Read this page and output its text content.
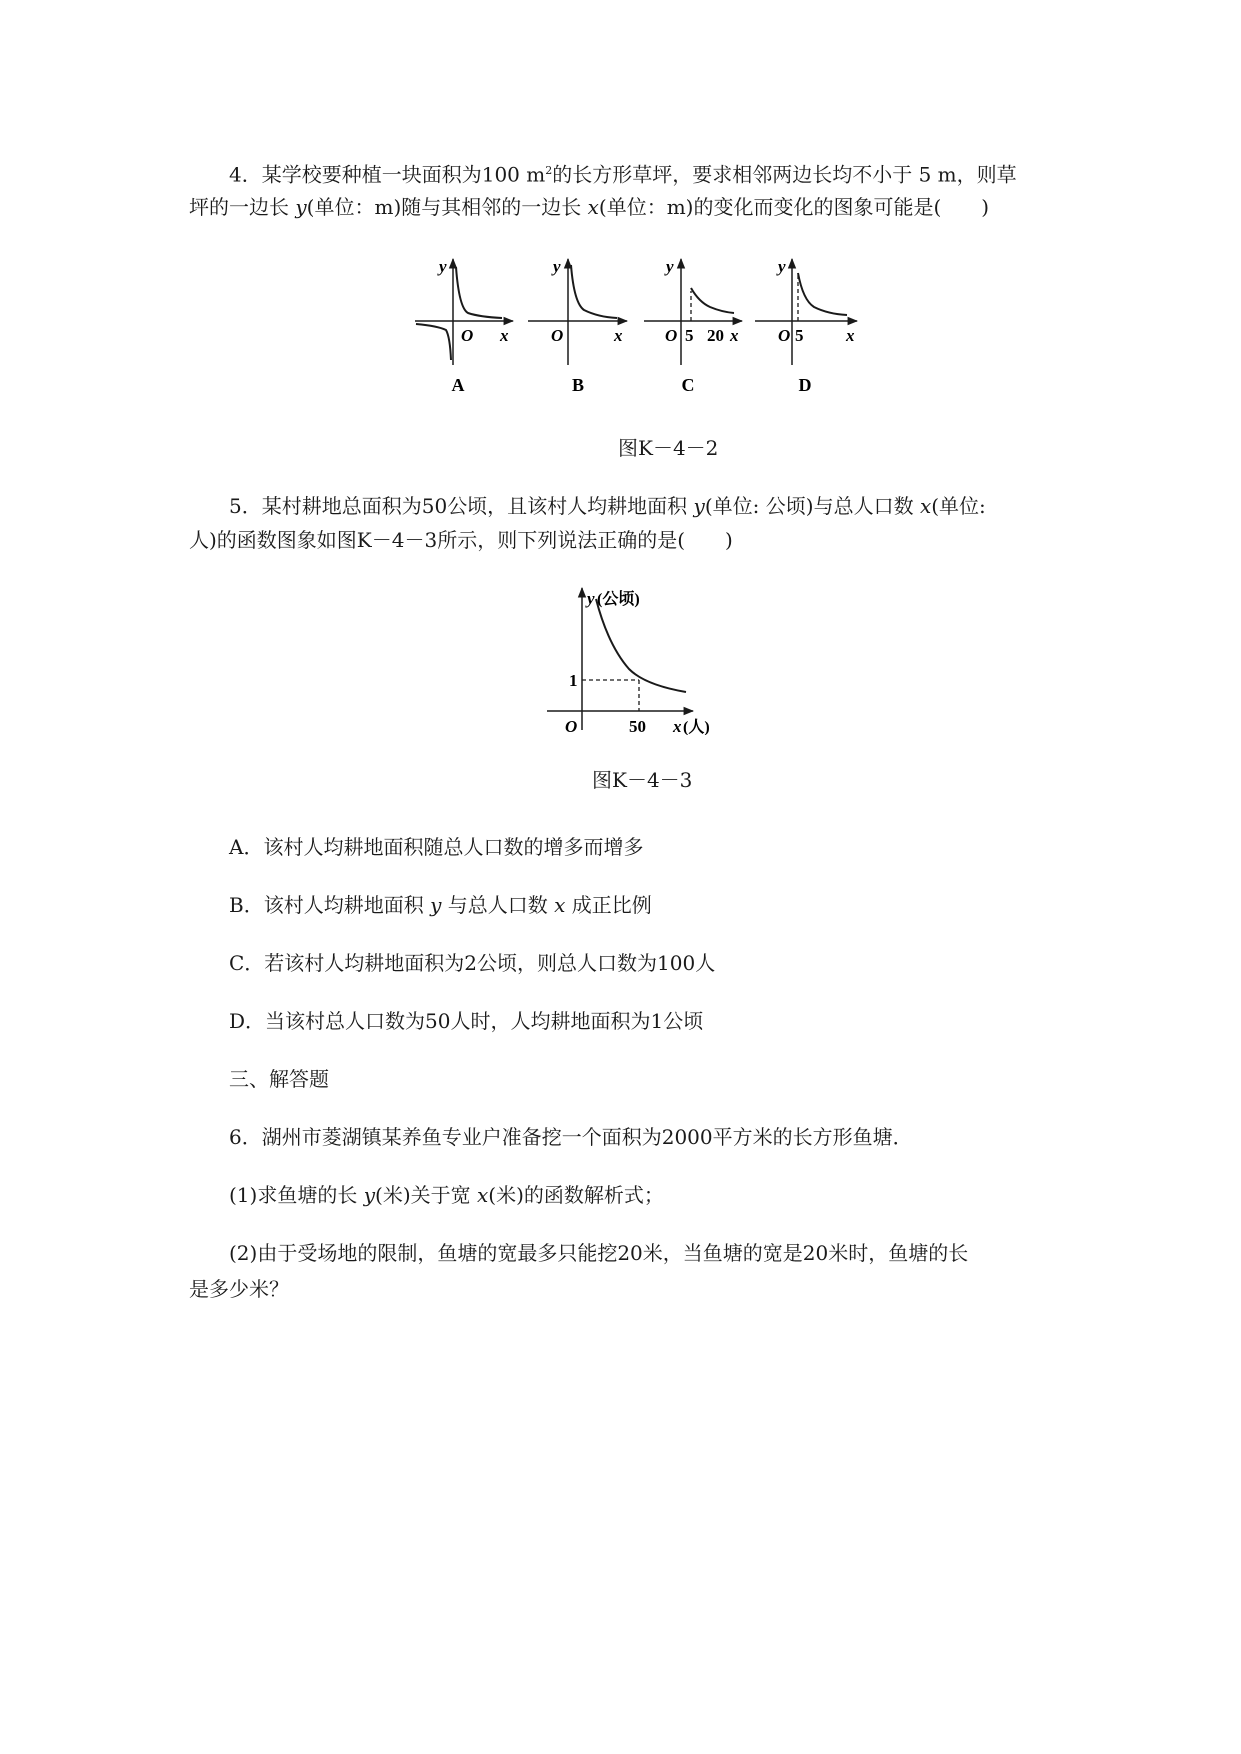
4．某学校要种植一块面积为100 $m^2$的长方形草坪，要求相邻两边长均不小于 5 m，则草
坪的一边长 y(单位：m)随与其相邻的一边长 x(单位：m)的变化而变化的图象可能是(　　)
y
O x
A
y
O	x
B
y
O 5 20 x
C
y
O 5	x
D
图K－4－2
5．某村耕地总面积为50公顷，且该村人均耕地面积 y(单位: 公顷)与总人口数 x(单位:
人)的函数图象如图K－4－3所示，则下列说法正确的是(　　)
y (公顷)
1
O	50 x (人)
图K－4－3
A．该村人均耕地面积随总人口数的增多而增多
B．该村人均耕地面积 y 与总人口数 x 成正比例
C．若该村人均耕地面积为2公顷，则总人口数为100人
D．当该村总人口数为50人时，人均耕地面积为1公顷
三、解答题
6．湖州市菱湖镇某养鱼专业户准备挖一个面积为2000平方米的长方形鱼塘．
(1)求鱼塘的长 y(米)关于宽 x(米)的函数解析式；
(2)由于受场地的限制，鱼塘的宽最多只能挖20米，当鱼塘的宽是20米时，鱼塘的长
是多少米？
